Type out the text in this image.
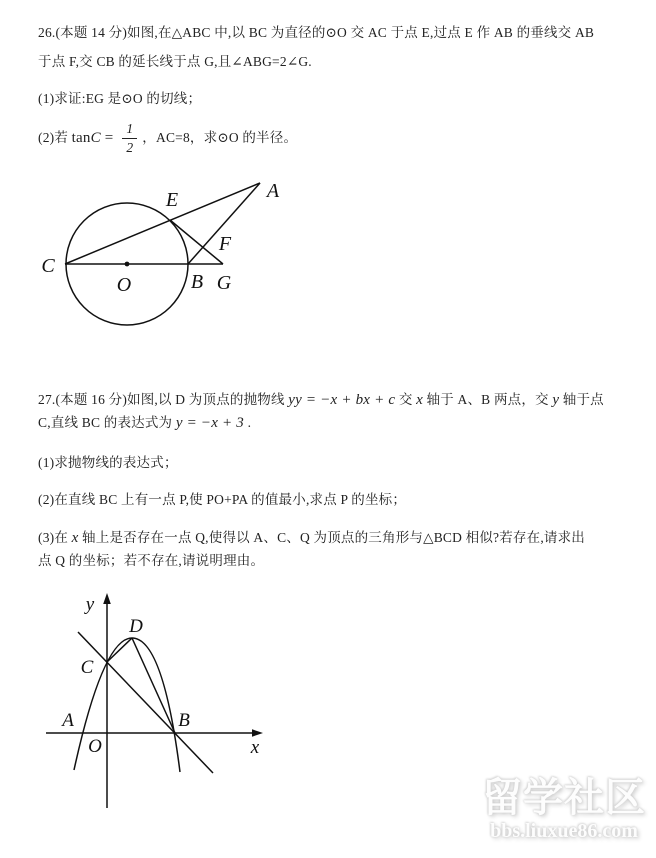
26.(本题 14 分)如图,在△ABC 中,以 BC 为直径的⊙O 交 AC 于点 E,过点 E 作 AB 的垂线交 AB
于点 F,交 CB 的延长线于点 G,且∠ABG=2∠G.
(1)求证:EG 是⊙O 的切线；
(2)若 $\tan C = \frac{1}{2}$ ，AC=8，求⊙O 的半径。
C
E	A
F
O	B G
27.(本题 16 分)如图,以 D 为顶点的抛物线 yy = −x + bx + c 交 x 轴于 A、B 两点，交 y 轴于点
C,直线 BC 的表达式为 y = −x + 3 .
(1)求抛物线的表达式；
(2)在直线 BC 上有一点 P,使 PO+PA 的值最小,求点 P 的坐标；
(3)在 x 轴上是否存在一点 Q,使得以 A、C、Q 为顶点的三角形与△BCD 相似?若存在,请求出
点 Q 的坐标；若不存在,请说明理由。
y
x
O
C
D
A	B
留学社区
bbs.liuxue86.com
